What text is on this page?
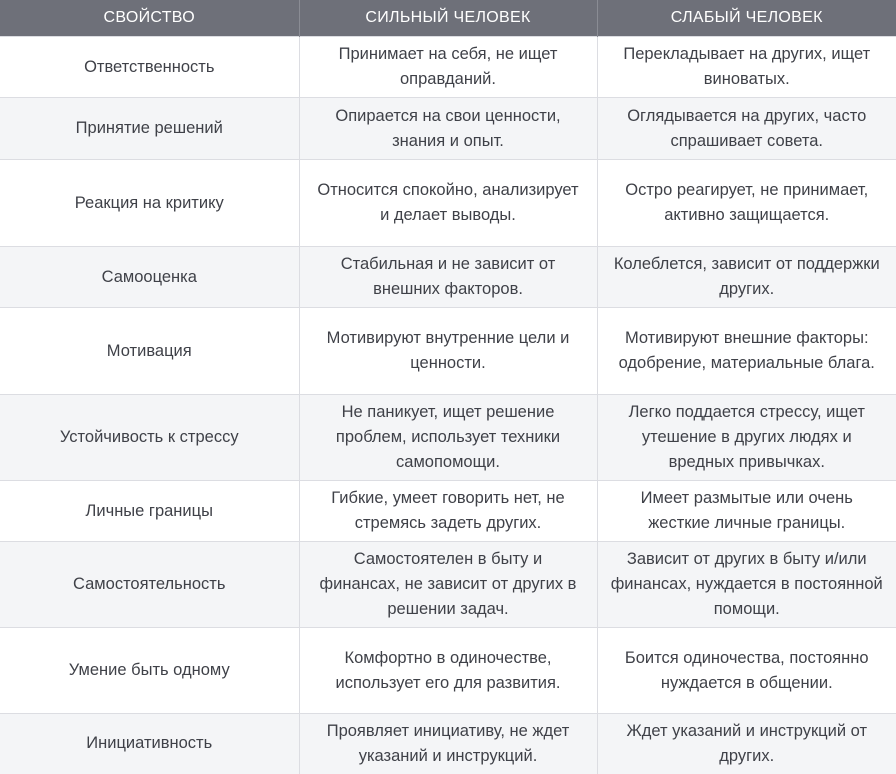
СВОЙСТВО	СИЛЬНЫЙ ЧЕЛОВЕК	СЛАБЫЙ ЧЕЛОВЕК
Ответственность	Принимает на себя, не ищет оправданий.	Перекладывает на других, ищет виноватых.
Принятие решений	Опирается на свои ценности, знания и опыт.	Оглядывается на других, часто спрашивает совета.
Реакция на критику	Относится спокойно, анализирует и делает выводы.	Остро реагирует, не принимает, активно защищается.
Самооценка	Стабильная и не зависит от внешних факторов.	Колеблется, зависит от поддержки других.
Мотивация	Мотивируют внутренние цели и ценности.	Мотивируют внешние факторы: одобрение, материальные блага.
Устойчивость к стрессу	Не паникует, ищет решение проблем, использует техники самопомощи.	Легко поддается стрессу, ищет утешение в других людях и вредных привычках.
Личные границы	Гибкие, умеет говорить нет, не стремясь задеть других.	Имеет размытые или очень жесткие личные границы.
Самостоятельность	Самостоятелен в быту и финансах, не зависит от других в решении задач.	Зависит от других в быту и/или финансах, нуждается в постоянной помощи.
Умение быть одному	Комфортно в одиночестве, использует его для развития.	Боится одиночества, постоянно нуждается в общении.
Инициативность	Проявляет инициативу, не ждет указаний и инструкций.	Ждет указаний и инструкций от других.
